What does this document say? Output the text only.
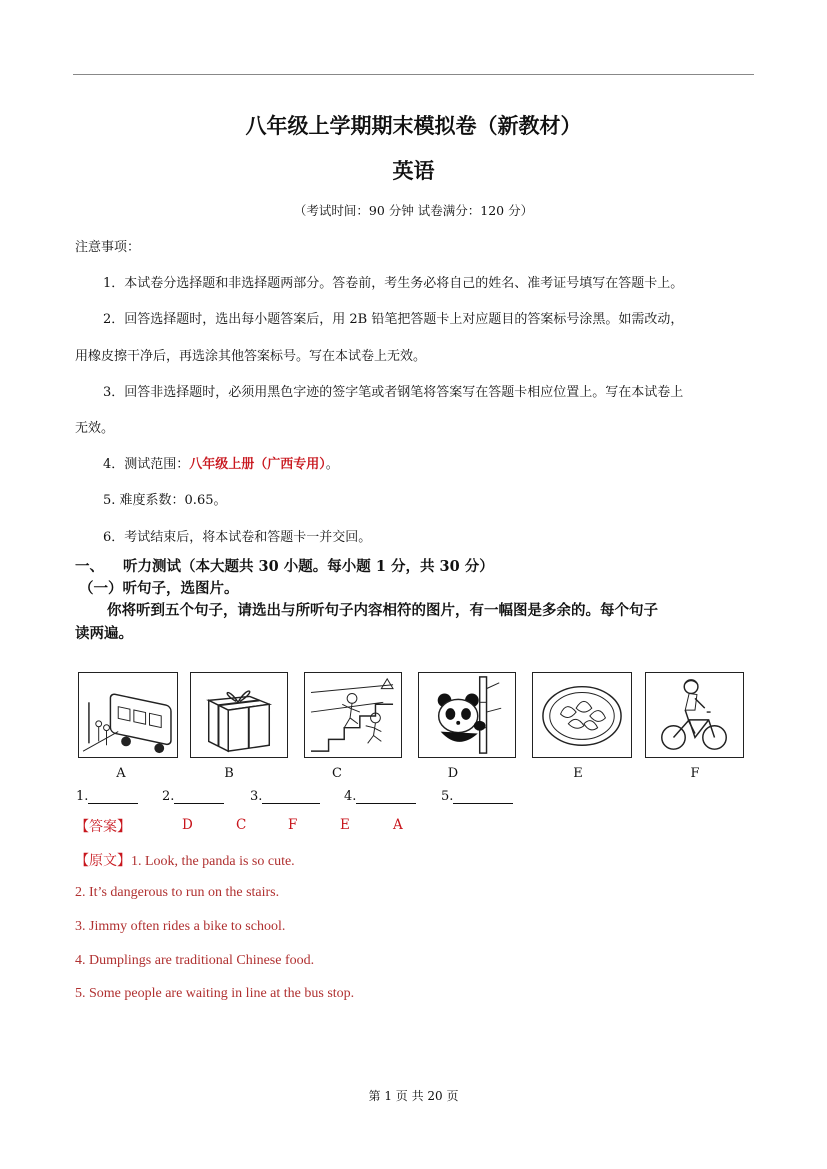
八年级上学期期末模拟卷（新教材）
英语
（考试时间：90 分钟 试卷满分：120 分）
注意事项：
1．本试卷分选择题和非选择题两部分。答卷前，考生务必将自己的姓名、准考证号填写在答题卡上。
2．回答选择题时，选出每小题答案后，用 2B 铅笔把答题卡上对应题目的答案标号涂黑。如需改动，
用橡皮擦干净后，再选涂其他答案标号。写在本试卷上无效。
3．回答非选择题时，必须用黑色字迹的签字笔或者钢笔将答案写在答题卡相应位置上。写在本试卷上
无效。
4．测试范围：八年级上册（广西专用）。
5. 难度系数：0.65。
6．考试结束后，将本试卷和答题卡一并交回。
一、 听力测试（本大题共 30 小题。每小题 1 分，共 30 分）
（一）听句子，选图片。
你将听到五个句子，请选出与所听句子内容相符的图片，有一幅图是多余的。每个句子
读两遍。
A	B	C	D	E	F
1.	2.	3.	4.	5.
【答案】	D	C	F	E	A
【原文】1. Look, the panda is so cute.
2. It’s dangerous to run on the stairs.
3. Jimmy often rides a bike to school.
4. Dumplings are traditional Chinese food.
5. Some people are waiting in line at the bus stop.
第 1 页 共 20 页
